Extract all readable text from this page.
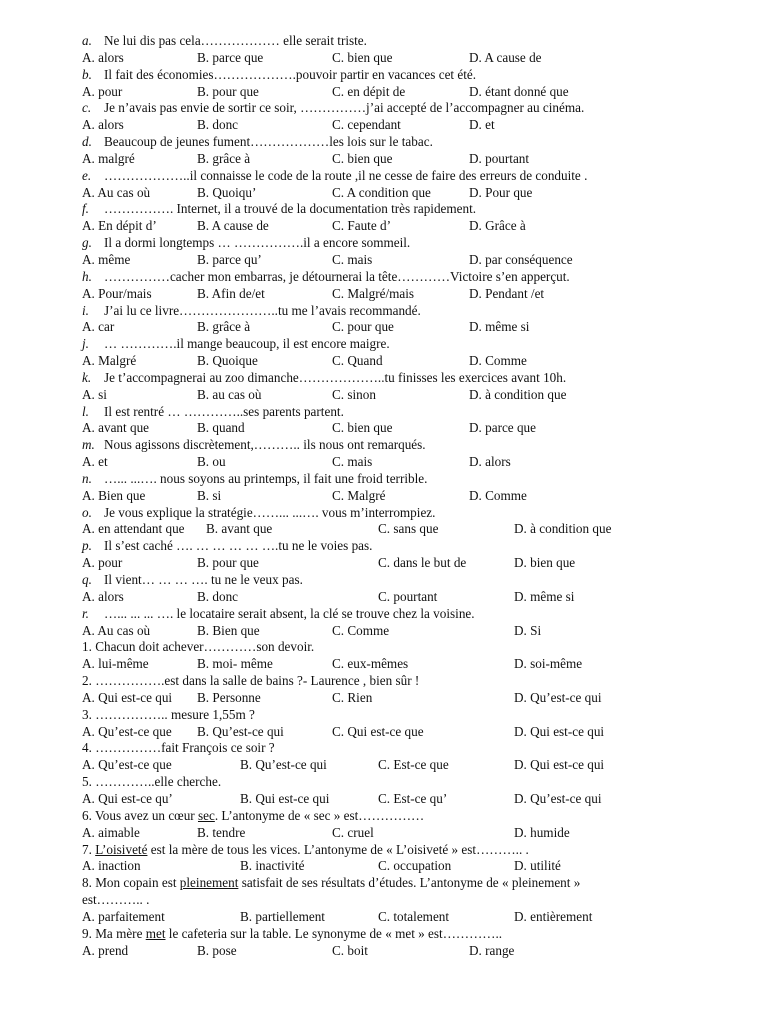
a. Ne lui dis pas cela……………… elle serait triste.
A. alors	B. parce que	C. bien que	D. A cause de
b. Il fait des économies……………….pouvoir partir en vacances cet été.
A. pour	B. pour que	C. en dépit de	D. étant donné que
c. Je n’avais pas envie de sortir ce soir, ……………j’ai accepté de l’accompagner au cinéma.
A. alors	B. donc	C. cependant	D. et
d. Beaucoup de jeunes fument………………les lois sur le tabac.
A. malgré	B. grâce à	C. bien que	D. pourtant
e. ………………..il connaisse le code de la route ,il ne cesse de faire des erreurs de conduite .
A. Au cas où	B. Quoiqu’	C. A condition que	D. Pour que
f. ……………. Internet, il a trouvé de la documentation très rapidement.
A. En dépit d’	B. A cause de	C. Faute d’	D. Grâce à
g. Il a dormi longtemps … …………….il a encore sommeil.
A. même	B. parce qu’	C. mais	D. par conséquence
h. ……………cacher mon embarras, je détournerai la tête…………Victoire s’en apperçut.
A. Pour/mais	B. Afin de/et	C. Malgré/mais	D. Pendant /et
i. J’ai lu ce livre…………………..tu me l’avais recommandé.
A. car	B. grâce à	C. pour que	D. même si
j. … ………….il mange beaucoup, il est encore maigre.
A. Malgré	B. Quoique	C. Quand	D. Comme
k. Je t’accompagnerai au zoo dimanche………………..tu finisses les exercices avant 10h.
A. si	B. au cas où	C. sinon	D. à condition que
l. Il est rentré … …………..ses parents partent.
A. avant que	B. quand	C. bien que	D. parce que
m. Nous agissons discrètement,……….. ils nous ont remarqués.
A. et	B. ou	C. mais	D. alors
n. …... ...…. nous soyons au printemps, il fait une froid terrible.
A. Bien que	B. si	C. Malgré	D. Comme
o. Je vous explique la stratégie……... ...…. vous m’interrompiez.
A. en attendant que B. avant que	C. sans que	D. à condition que
p. Il s’est caché …. … … … … ….tu ne le voies pas.
A. pour	B. pour que	C. dans le but de	D. bien que
q. Il vient… … … …. tu ne le veux pas.
A. alors	B. donc	C. pourtant	D. même si
r. …... ... ... …. le locataire serait absent, la clé se trouve chez la voisine.
A. Au cas où	B. Bien que	C. Comme	D. Si
1. Chacun doit achever…………son devoir.
A. lui-même	B. moi- même	C. eux-mêmes	D. soi-même
2. …………….est dans la salle de bains ?- Laurence , bien sûr !
A. Qui est-ce qui B. Personne	C. Rien	D. Qu’est-ce qui
3. …………….. mesure 1,55m ?
A. Qu’est-ce que B. Qu’est-ce qui	C. Qui est-ce que	D. Qui est-ce qui
4. ……………fait François ce soir ?
A. Qu’est-ce que	B. Qu’est-ce qui	C. Est-ce que	D. Qui est-ce qui
5. …………..elle cherche.
A. Qui est-ce qu’	B. Qui est-ce qui	C. Est-ce qu’	D. Qu’est-ce qui
6. Vous avez un cœur sec. L’antonyme de « sec » est……………
A. aimable	B. tendre	C. cruel	D. humide
7. L’oisiveté est la mère de tous les vices. L’antonyme de « L’oisiveté » est……….. .
A. inaction	B. inactivité	C. occupation	D. utilité
8. Mon copain est pleinement satisfait de ses résultats d’études. L’antonyme de « pleinement »
est……….. .
A. parfaitement	B. partiellement	C. totalement	D. entièrement
9. Ma mère met le cafeteria sur la table. Le synonyme de « met » est…………..
A. prend	B. pose	C. boit	D. range
